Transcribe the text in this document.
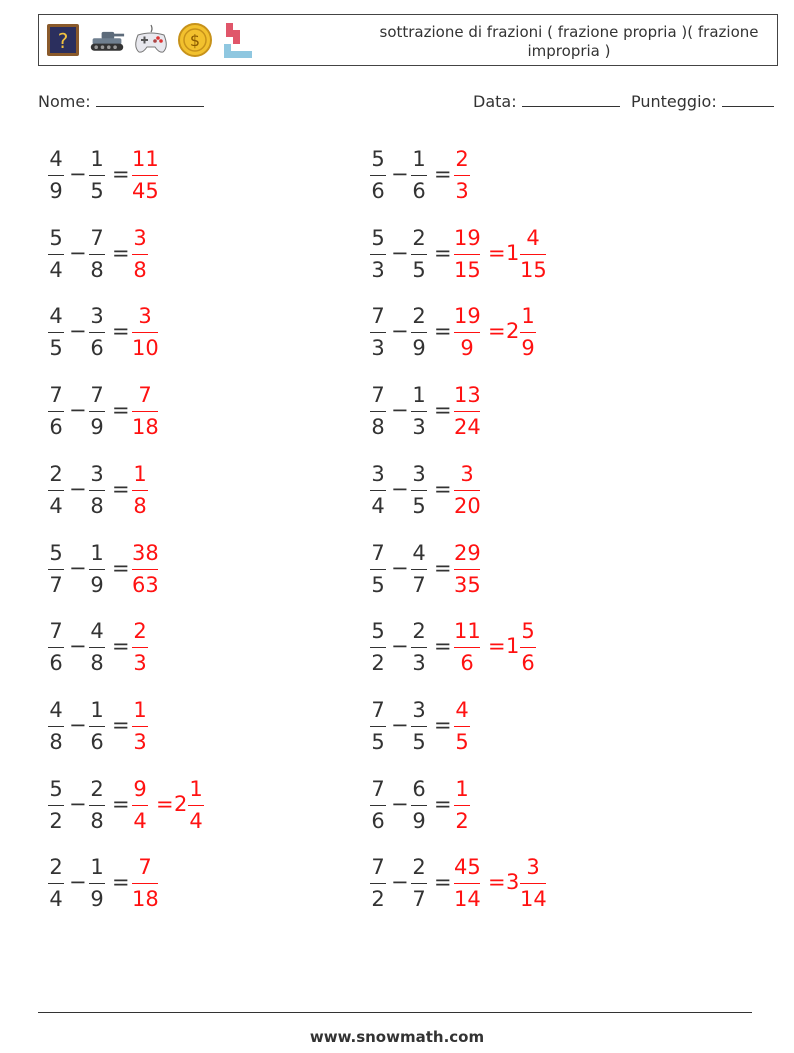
?	$	sottrazione di frazioni ( frazione propria )( frazione impropria )
Nome:	Data:	Punteggio:
4
9
−
1
5
=
11
45
5
6
−
1
6
=
2
3
5
4
−
7
8
=
3
8
5
3
−
2
5
=
19
15
= 1
4
15
4
5
−
3
6
=
3
10
7
3
−
2
9
=
19
9
= 2
1
9
7
6
−
7
9
=
7
18
7
8
−
1
3
=
13
24
2
4
−
3
8
=
1
8
3
4
−
3
5
=
3
20
5
7
−
1
9
=
38
63
7
5
−
4
7
=
29
35
7
6
−
4
8
=
2
3
5
2
−
2
3
=
11
6
= 1
5
6
4
8
−
1
6
=
1
3
7
5
−
3
5
=
4
5
5
2
−
2
8
=
9
4
= 2
1
4
7
6
−
6
9
=
1
2
2
4
−
1
9
=
7
18
7
2
−
2
7
=
45
14
= 3
3
14
www.snowmath.com
